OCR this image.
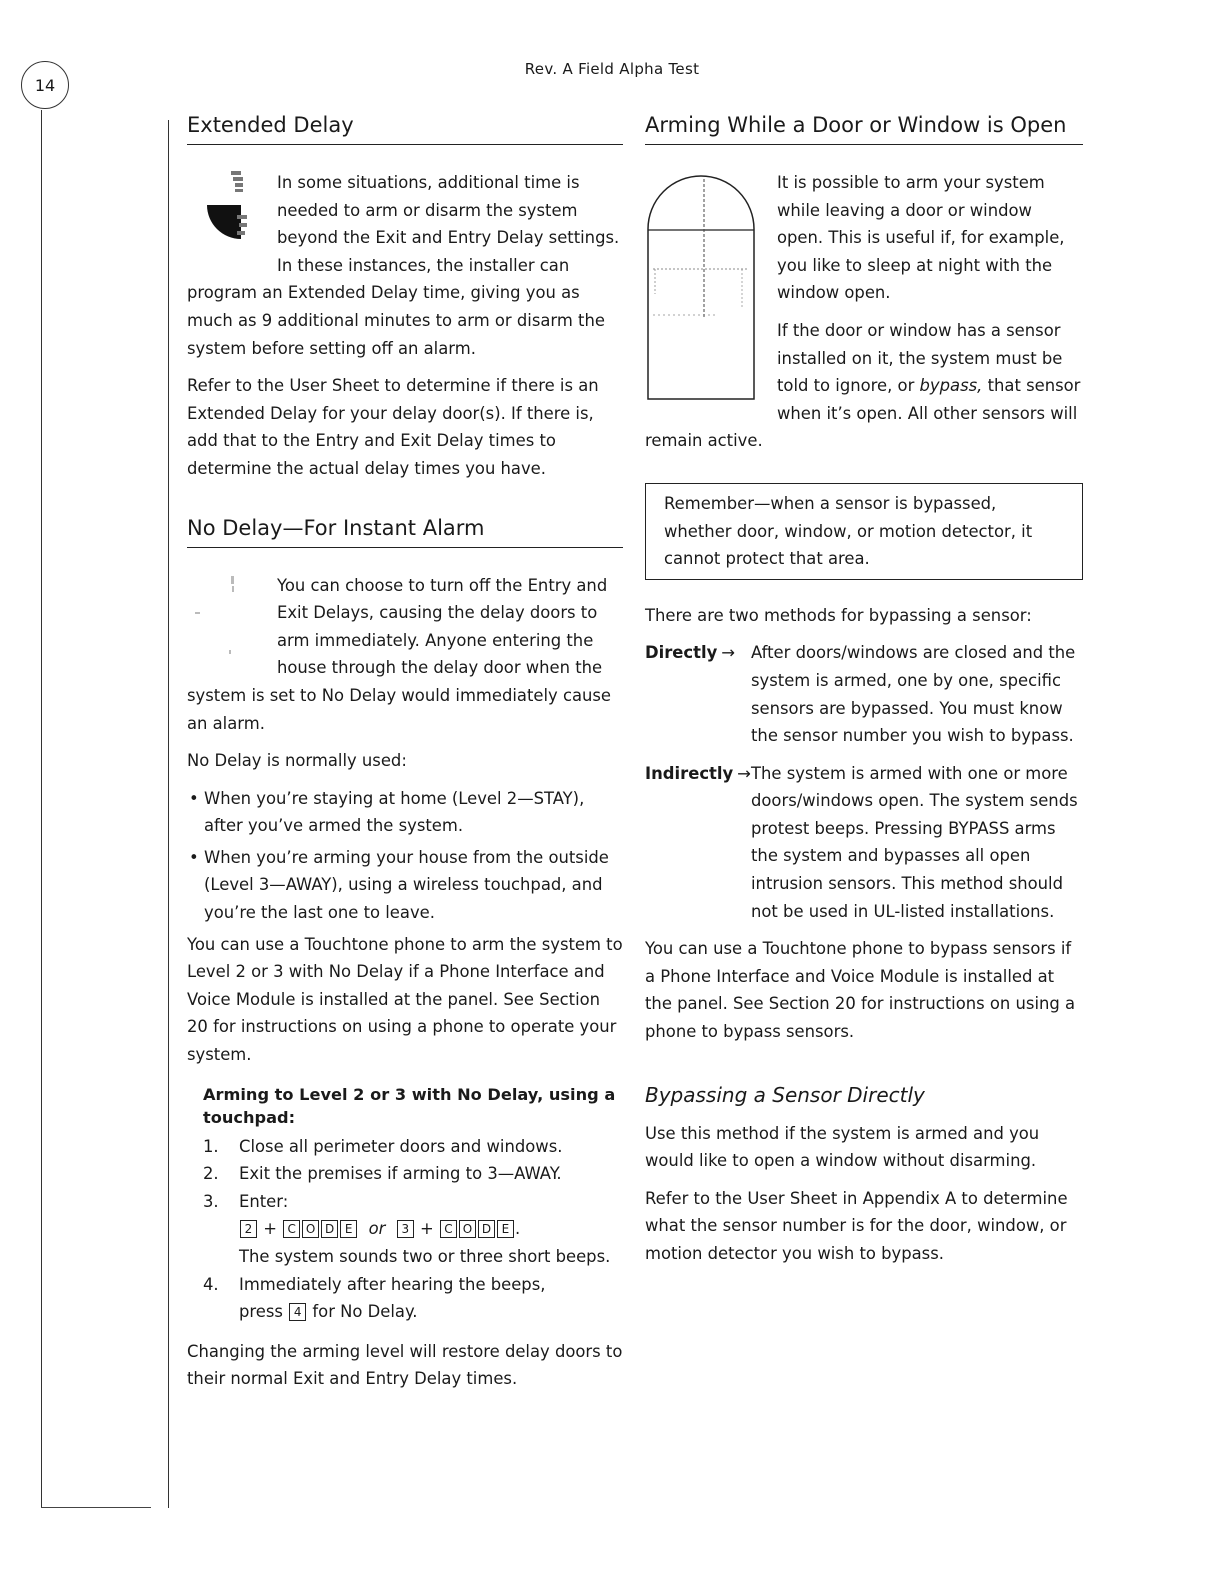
14
Rev. A Field Alpha Test
Extended Delay

In some situations, additional time is needed to arm or disarm the system beyond the Exit and Entry Delay settings. In these instances, the installer can program an Extended Delay time, giving you as much as 9 additional minutes to arm or disarm the system before setting off an alarm.

Refer to the User Sheet to determine if there is an Extended Delay for your delay door(s). If there is, add that to the Entry and Exit Delay times to determine the actual delay times you have.

No Delay—For Instant Alarm

You can choose to turn off the Entry and Exit Delays, causing the delay doors to arm immediately. Anyone entering the house through the delay door when the system is set to No Delay would immediately cause an alarm.

No Delay is normally used:

• When you’re staying at home (Level 2—STAY), after you’ve armed the system.
• When you’re arming your house from the outside (Level 3—AWAY), using a wireless touchpad, and you’re the last one to leave.

You can use a Touchtone phone to arm the system to Level 2 or 3 with No Delay if a Phone Interface and Voice Module is installed at the panel. See Section 20 for instructions on using a phone to operate your system.

Arming to Level 2 or 3 with No Delay, using a touchpad:
1. Close all perimeter doors and windows.
2. Exit the premises if arming to 3—AWAY.
3. Enter:
2 + C O D E or 3 + C O D E .
The system sounds two or three short beeps.
4. Immediately after hearing the beeps,
press 4 for No Delay.

Changing the arming level will restore delay doors to their normal Exit and Entry Delay times.

Arming While a Door or Window is Open

It is possible to arm your system while leaving a door or window open. This is useful if, for example, you like to sleep at night with the window open.

If the door or window has a sensor installed on it, the system must be told to ignore, or bypass, that sensor when it’s open. All other sensors will remain active.

Remember—when a sensor is bypassed, whether door, window, or motion detector, it cannot protect that area.

There are two methods for bypassing a sensor:

Directly → After doors/windows are closed and the system is armed, one by one, specific sensors are bypassed. You must know the sensor number you wish to bypass.
Indirectly → The system is armed with one or more doors/windows open. The system sends protest beeps. Pressing BYPASS arms the system and bypasses all open intrusion sensors. This method should not be used in UL-listed installations.

You can use a Touchtone phone to bypass sensors if a Phone Interface and Voice Module is installed at the panel. See Section 20 for instructions on using a phone to bypass sensors.

Bypassing a Sensor Directly

Use this method if the system is armed and you would like to open a window without disarming.

Refer to the User Sheet in Appendix A to determine what the sensor number is for the door, window, or motion detector you wish to bypass.
